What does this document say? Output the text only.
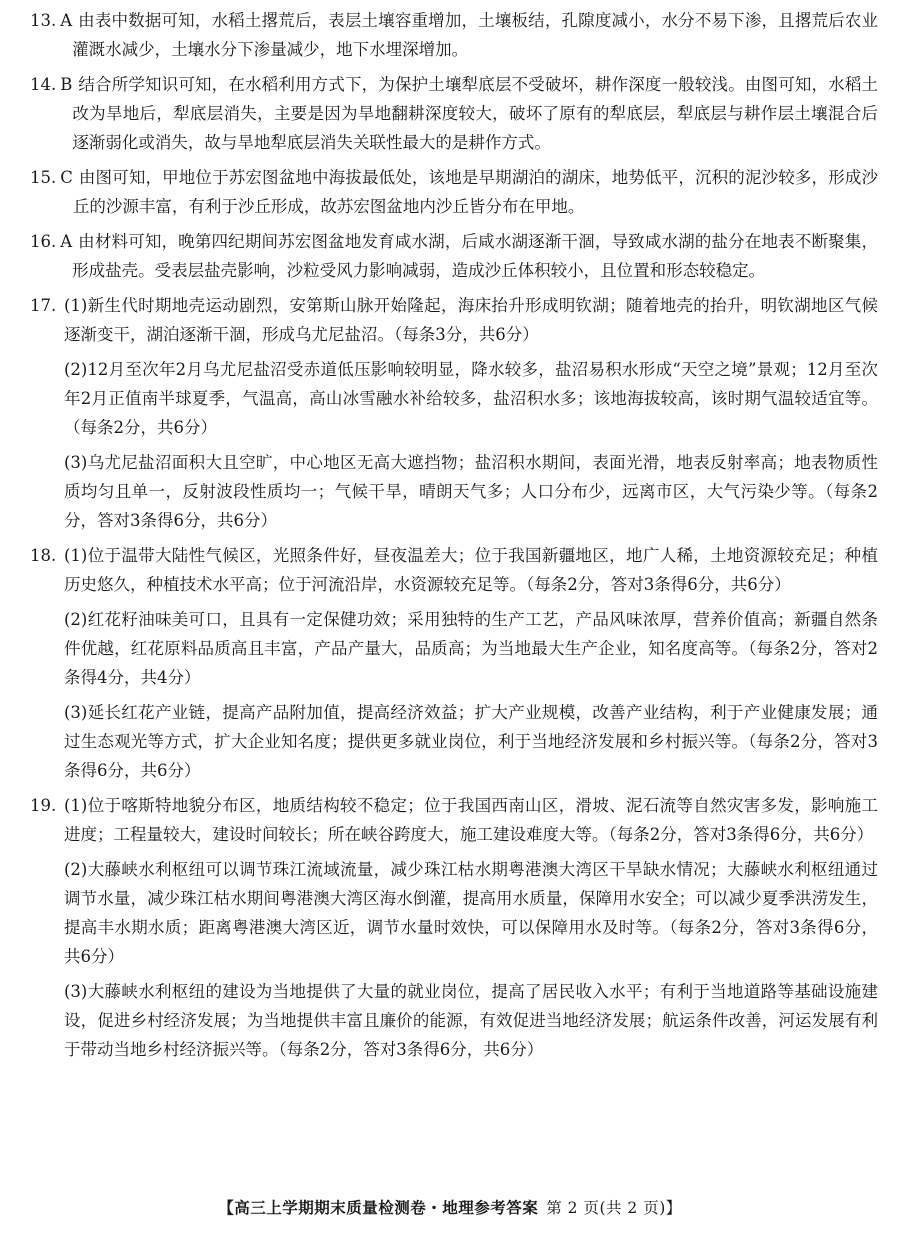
13. A 由表中数据可知，水稻土撂荒后，表层土壤容重增加，土壤板结，孔隙度减小，水分不易下渗，且撂荒后农业灌溉水减少，土壤水分下渗量减少，地下水埋深增加。
14. B 结合所学知识可知，在水稻利用方式下，为保护土壤犁底层不受破坏，耕作深度一般较浅。由图可知，水稻土改为旱地后，犁底层消失，主要是因为旱地翻耕深度较大，破坏了原有的犁底层，犁底层与耕作层土壤混合后逐渐弱化或消失，故与旱地犁底层消失关联性最大的是耕作方式。
15. C 由图可知，甲地位于苏宏图盆地中海拔最低处，该地是早期湖泊的湖床，地势低平，沉积的泥沙较多，形成沙丘的沙源丰富，有利于沙丘形成，故苏宏图盆地内沙丘皆分布在甲地。
16. A 由材料可知，晚第四纪期间苏宏图盆地发育咸水湖，后咸水湖逐渐干涸，导致咸水湖的盐分在地表不断聚集，形成盐壳。受表层盐壳影响，沙粒受风力影响减弱，造成沙丘体积较小，且位置和形态较稳定。
17. (1)新生代时期地壳运动剧烈，安第斯山脉开始隆起，海床抬升形成明钦湖；随着地壳的抬升，明钦湖地区气候逐渐变干，湖泊逐渐干涸，形成乌尤尼盐沼。（每条3分，共6分）

(2)12月至次年2月乌尤尼盐沼受赤道低压影响较明显，降水较多，盐沼易积水形成“天空之境”景观；12月至次年2月正值南半球夏季，气温高，高山冰雪融水补给较多，盐沼积水多；该地海拔较高，该时期气温较适宜等。（每条2分，共6分）

(3)乌尤尼盐沼面积大且空旷，中心地区无高大遮挡物；盐沼积水期间，表面光滑，地表反射率高；地表物质性质均匀且单一，反射波段性质均一；气候干旱，晴朗天气多；人口分布少，远离市区，大气污染少等。（每条2分，答对3条得6分，共6分）

18. (1)位于温带大陆性气候区，光照条件好，昼夜温差大；位于我国新疆地区，地广人稀，土地资源较充足；种植历史悠久，种植技术水平高；位于河流沿岸，水资源较充足等。（每条2分，答对3条得6分，共6分）

(2)红花籽油味美可口，且具有一定保健功效；采用独特的生产工艺，产品风味浓厚，营养价值高；新疆自然条件优越，红花原料品质高且丰富，产品产量大，品质高；为当地最大生产企业，知名度高等。（每条2分，答对2条得4分，共4分）

(3)延长红花产业链，提高产品附加值，提高经济效益；扩大产业规模，改善产业结构，利于产业健康发展；通过生态观光等方式，扩大企业知名度；提供更多就业岗位，利于当地经济发展和乡村振兴等。（每条2分，答对3条得6分，共6分）

19. (1)位于喀斯特地貌分布区，地质结构较不稳定；位于我国西南山区，滑坡、泥石流等自然灾害多发，影响施工进度；工程量较大，建设时间较长；所在峡谷跨度大，施工建设难度大等。（每条2分，答对3条得6分，共6分）

(2)大藤峡水利枢纽可以调节珠江流域流量，减少珠江枯水期粤港澳大湾区干旱缺水情况；大藤峡水利枢纽通过调节水量，减少珠江枯水期间粤港澳大湾区海水倒灌，提高用水质量，保障用水安全；可以减少夏季洪涝发生，提高丰水期水质；距离粤港澳大湾区近，调节水量时效快，可以保障用水及时等。（每条2分，答对3条得6分，共6分）

(3)大藤峡水利枢纽的建设为当地提供了大量的就业岗位，提高了居民收入水平；有利于当地道路等基础设施建设，促进乡村经济发展；为当地提供丰富且廉价的能源，有效促进当地经济发展；航运条件改善，河运发展有利于带动当地乡村经济振兴等。（每条2分，答对3条得6分，共6分）

【高三上学期期末质量检测卷・地理参考答案 第 2 页(共 2 页)】
